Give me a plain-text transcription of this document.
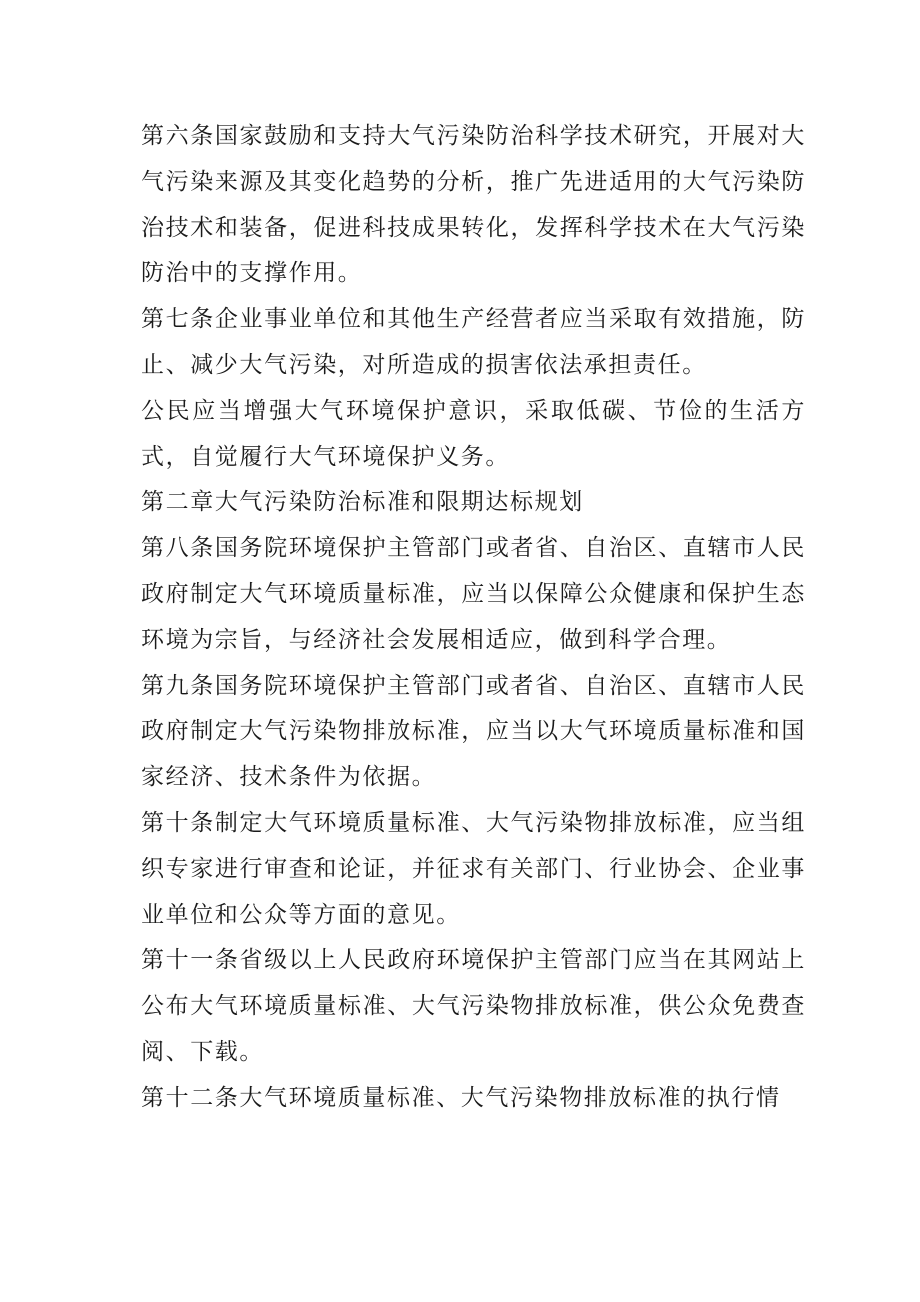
第六条国家鼓励和支持大气污染防治科学技术研究，开展对大气污染来源及其变化趋势的分析，推广先进适用的大气污染防治技术和装备，促进科技成果转化，发挥科学技术在大气污染防治中的支撑作用。

第七条企业事业单位和其他生产经营者应当采取有效措施，防止、减少大气污染，对所造成的损害依法承担责任。

公民应当增强大气环境保护意识，采取低碳、节俭的生活方式，自觉履行大气环境保护义务。

第二章大气污染防治标准和限期达标规划

第八条国务院环境保护主管部门或者省、自治区、直辖市人民政府制定大气环境质量标准，应当以保障公众健康和保护生态环境为宗旨，与经济社会发展相适应，做到科学合理。

第九条国务院环境保护主管部门或者省、自治区、直辖市人民政府制定大气污染物排放标准，应当以大气环境质量标准和国家经济、技术条件为依据。

第十条制定大气环境质量标准、大气污染物排放标准，应当组织专家进行审查和论证，并征求有关部门、行业协会、企业事业单位和公众等方面的意见。

第十一条省级以上人民政府环境保护主管部门应当在其网站上公布大气环境质量标准、大气污染物排放标准，供公众免费查阅、下载。

第十二条大气环境质量标准、大气污染物排放标准的执行情
